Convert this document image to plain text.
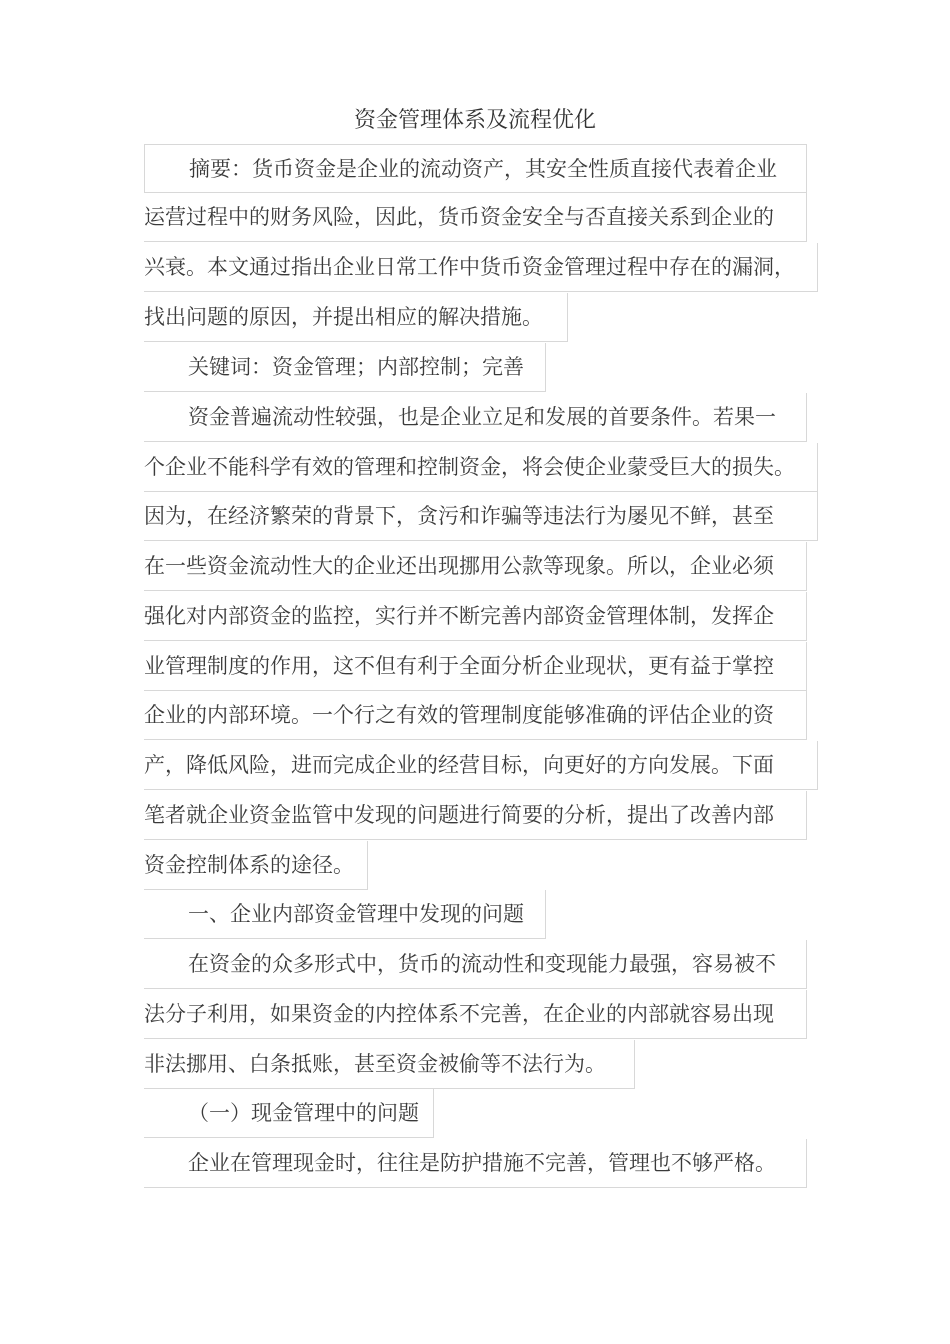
资金管理体系及流程优化
摘要：货币资金是企业的流动资产，其安全性质直接代表着企业
运营过程中的财务风险，因此，货币资金安全与否直接关系到企业的
兴衰。本文通过指出企业日常工作中货币资金管理过程中存在的漏洞，
找出问题的原因，并提出相应的解决措施。
关键词：资金管理；内部控制；完善
资金普遍流动性较强，也是企业立足和发展的首要条件。若果一
个企业不能科学有效的管理和控制资金，将会使企业蒙受巨大的损失。
因为，在经济繁荣的背景下，贪污和诈骗等违法行为屡见不鲜，甚至
在一些资金流动性大的企业还出现挪用公款等现象。所以，企业必须
强化对内部资金的监控，实行并不断完善内部资金管理体制，发挥企
业管理制度的作用，这不但有利于全面分析企业现状，更有益于掌控
企业的内部环境。一个行之有效的管理制度能够准确的评估企业的资
产，降低风险，进而完成企业的经营目标，向更好的方向发展。下面
笔者就企业资金监管中发现的问题进行简要的分析，提出了改善内部
资金控制体系的途径。
一、企业内部资金管理中发现的问题
在资金的众多形式中，货币的流动性和变现能力最强，容易被不
法分子利用，如果资金的内控体系不完善，在企业的内部就容易出现
非法挪用、白条抵账，甚至资金被偷等不法行为。
（一）现金管理中的问题
企业在管理现金时，往往是防护措施不完善，管理也不够严格。
